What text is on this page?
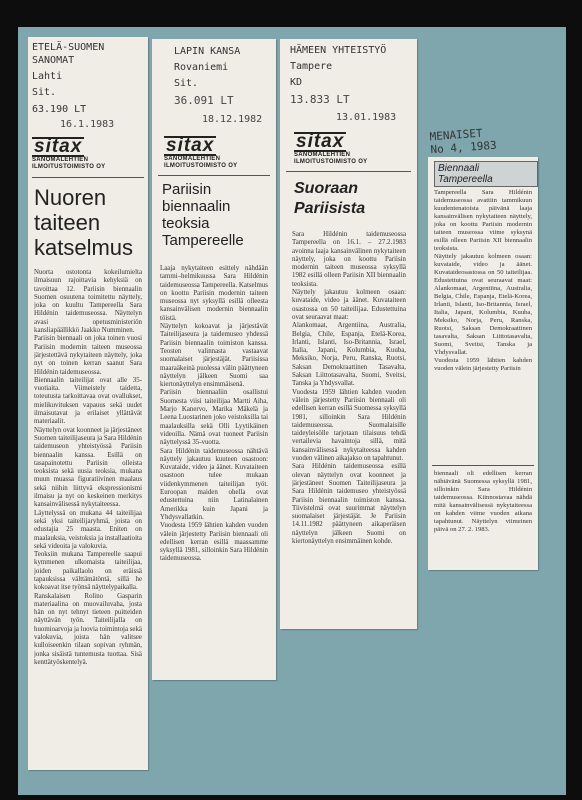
ETELÄ-SUOMEN
SANOMAT
Lahti
Sit.
63.190 LT
16.1.1983
sitax
SANOMALEHTIEN
ILMOITUSTOIMISTO OY
Nuoren taiteen katselmus
Nuorta ostotonta kokeilumielta ilmaisuun rajoittavia kehyksiä on tavoittaa 12. Pariisin biennaalin Suomen osuutena toimitettu näyttely, joka on kuultu Tampereella Sara Hildénin taidemuseossa. Näyttelyn avasi opetusministeriön kansliapäällikkö Jaakko Numminen.
Pariisin biennaali on joka toinen vuosi Pariisin modernin taiteen museossa järjestettävä nykytaiteen näyttely, joka nyt on toinen kerran saanut Sara Hildénin taidemuseossa.
Biennaalin taiteilijat ovat alle 35-vuotiaita. Viimeistely taidetta, toteutusta tarkoittavaa ovat ovallukset, mielikuvituksen vapauus sekä uudet ilmaisutavat ja erilaiset yllättävät materiaalit.
Näyttelyn ovat koonneet ja järjestäneet Suomen taiteilijaseura ja Sara Hildénin taidemuseon yhteistyössä Pariisin biennaalin kanssa. Esillä on tasapainotettu Pariisin olleista teoksista sekä uusia teoksia, mukana muun muassa figuratiivinen maalaus sekä niihin liittyvä ekspressionismi ilmaisu ja nyt on keskeinen merkitys kansainvälisessä nykytaiteessa.
Läyttelyssä on mukana 44 taiteilijaa sekä yksi taiteilijaryhmä, joista on edustajia 25 maasta. Eniten on maalauksia, veistoksia ja installaatioita sekä videoita ja valokuvia.
Teoksiin mukana Tampereelle saapui kymmenen ulkomaista taiteilijaa, joiden paikallaolo on eräissä tapauksissa välttämätöntä, sillä he kokoavat itse työnsä näyttelypaikalla.
Ranskalaisen Rolino Gasparin materiaalina on muovailuvaha, josta hän on nyt tehnyt tieteen puitteiden näyttävän työn. Taiteilijalla on huomioarvoja ja luovia toimintoja sekä valokuvia, joista hän valitsee kulloiseenkin tilaan sopivan ryhmän, jonka sisäistä tuntemusta tuottaa. Sisä kenttätyöskentelyä.
LAPIN KANSA
Rovaniemi
Sit.
36.091 LT
18.12.1982
sitax
SANOMALEHTIEN
ILMOITUSTOIMISTO OY
Pariisin biennaalin teoksia Tampereelle
Laaja nykytaiteen esittely nähdään tammi–helmikuussa Sara Hildénin taidemuseossa Tampereella. Katselmus on koottu Pariisin modernin taiteen museossa nyt syksyllä esillä olleesta kansainvälisen modernin biennaalin töistä.
Näyttelyn kokoavat ja järjestävät Taiteilijaseura ja taidemuseo yhdessä Pariisin biennaalin toimiston kanssa. Teosten valinnasta vastaavat suomalaiset järjestäjät. Pariisissa maaraäkeinä puolessa välin päättyneen näyttelyn jälkeen Suomi saa kiertonäyttelyn ensimmäisenä.
Pariisin biennaaliin osallistui Suomesta viisi taiteilijaa Martti Aiha, Marjo Kanervo, Marika Mäkelä ja Leena Luostarinen joko veistoksilla tai maalauksilla sekä Olli Lyytikäinen videoilla. Nämä ovat tuoneet Pariisin näyttelyssä 35-vuotta.
Sara Hildénin taidemuseossa nähtävä näyttely jakautuu kuuteen osastoon: Kuvataide, video ja äänet. Kuvataiteen osastoon tulee mukaan viidenkymmenen taiteilijan työt. Euroopan maiden ohella ovat edustettuina niin Latinalainen Amerikka kuin Japani ja Yhdysvallatkin.
Vuodesta 1959 lähtien kahden vuoden välein järjestetty Pariisin biennaali oli edellisen kerran esillä maassamme syksyllä 1981, silloinkin Sara Hildénin taidemuseossa.
HÄMEEN YHTEISTYÖ
Tampere
KD
13.833 LT
13.01.1983
sitax
SANOMALEHTIEN
ILMOITUSTOIMISTO OY
Suoraan Pariisista
Sara Hildénin taidemuseossa Tampereella on 16.1. – 27.2.1983 avoinna laaja kansainvälinen nykytaiteen näyttely, joka on koottu Pariisin modernin taiteen museossa syksyllä 1982 esillä olleen Pariisin XII biennaalin teoksista.
Näyttely jakautuu kolmeen osaan: kuvataide, video ja äänet. Kuvataiteen osastossa on 50 taiteilijaa. Edustettuina ovat seuraavat maat:
Alankomaat, Argentiina, Australia, Belgia, Chile, Espanja, Etelä-Korea, Irlanti, Islanti, Iso-Britannia, Israel, Italia, Japani, Kolumbia, Kuuba, Meksiko, Norja, Peru, Ranska, Ruotsi, Saksan Demokraattinen Tasavalta, Saksan Liittotasavalta, Suomi, Sveitsi, Tanska ja Yhdysvallat.
Vuodesta 1959 lähtien kahden vuoden välein järjestetty Pariisin biennaali oli edellisen kerran esillä Suomessa syksyllä 1981, silloinkin Sara Hildénin taidemuseossa. Suomalaisille taideyleisölle tarjotaan tilaisuus tehdä vertailevia havaintoja sillä, mitä kansainvälisessä nykytaiteessa kahden vuoden välinen aikajakso on tapahtunut.
Sara Hildénin taidemuseossa esillä olevan näyttelyn ovat koonneet ja järjestäneet Suomen Taiteilijaseura ja Sara Hildénin taidemuseo yhteistyössä Pariisin biennaalin toimiston kanssa. Tiivistelmä ovat suurimmat näyttelyn suomalaiset järjestäjät. Je Pariisin 14.11.1982 päättyneen aikaperäisen näyttelyn jälkeen Suomi on kiertonäyttelyn ensimmäinen kohde.
MENAISET
No 4, 1983
Biennaali Tampereella
Tampereella Sara Hildénin taidemuseossa avattiin tammikuun kuudentenatoista päivänä laaja kansainvälisen nykytaiteen näyttely, joka on koottu Pariisin modernin taiteen museossa viime syksynä esillä olleen Pariisin XII biennaalin teoksista.
Näyttely jakautuu kolmeen osaan: kuvataide, video ja äänet. Kuvataideosastossa on 50 taiteilijaa. Edustettuina ovat seuraavat maat: Alankomaat, Argentiina, Australia, Belgia, Chile, Espanja, Etelä-Korea, Irlanti, Islanti, Iso-Britannia, Israel, Italia, Japani, Kolumbia, Kuuba, Meksiko, Norja, Peru, Ranska, Ruotsi, Saksan Demokraattinen tasavalta, Saksan Liittotasavalta, Suomi, Sveitsi, Tanska ja Yhdysvallat.
Vuodesta 1959 lähtien kahden vuoden välein järjestetty Pariisin
biennaali oli edellisen kerran nähtävänä Suomessa syksyllä 1981, silloinkin Sara Hildénin taidemuseossa. Kiinnostavaa nähdä mitä kansainvälisessä nykytaiteessa on kahden viime vuoden aikana tapahtunut. Näyttelyn viimeinen päivä on 27. 2. 1983.
